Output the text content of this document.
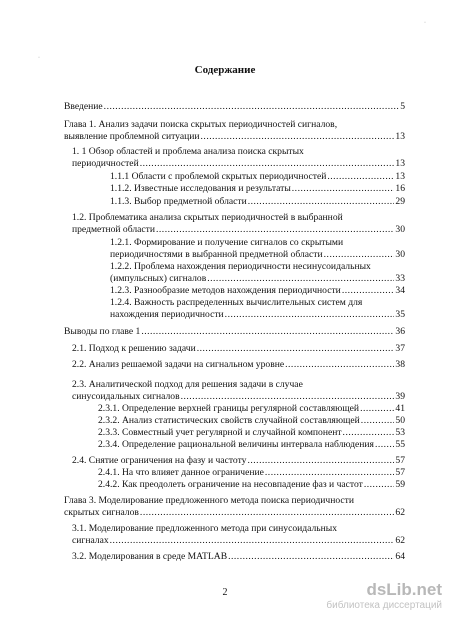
Содержание
Введение .....	5
Глава 1. Анализ задачи поиска скрытых периодичностей сигналов,
выявление проблемной ситуации .....	13
1. 1 Обзор областей и проблема анализа поиска скрытых
периодичностей .....	13
1.1.1 Области с проблемой скрытых периодичностей .....	13
1.1.2. Известные исследования и результаты .....	16
1.1.3. Выбор предметной области .....	29
1.2. Проблематика анализа скрытых периодичностей в выбранной
предметной области .....	30
1.2.1. Формирование и получение сигналов со скрытыми
периодичностями в выбранной предметной области .....	30
1.2.2. Проблема нахождения периодичности несинусоидальных
(импульсных) сигналов .....	33
1.2.3. Разнообразие методов нахождения периодичности .....	34
1.2.4. Важность распределенных вычислительных систем для
нахождения периодичности .....	35
Выводы по главе 1 .....	36
2.1. Подход к решению задачи .....	37
2.2. Анализ решаемой задачи на сигнальном уровне .....	38
2.3. Аналитической подход для решения задачи в случае
синусоидальных сигналов .....	39
2.3.1. Определение верхней границы регулярной составляющей .....	41
2.3.2. Анализ статистических свойств случайной составляющей .....	50
2.3.3. Совместный учет регулярной и случайной компонент .....	53
2.3.4. Определение рациональной величины интервала наблюдения ..... 55
2.4. Снятие ограничения на фазу и частоту .....	57
2.4.1. На что влияет данное ограничение .....	57
2.4.2. Как преодолеть ограничение на несовпадение фаз и частот .....	59
Глава 3. Моделирование предложенного метода поиска периодичности
скрытых сигналов .....	62
3.1. Моделирование предложенного метода при синусоидальных
сигналах .....	62
3.2. Моделирования в среде MATLAB .....	64
2
·
·
dsLib.net
библиотека диссертаций
